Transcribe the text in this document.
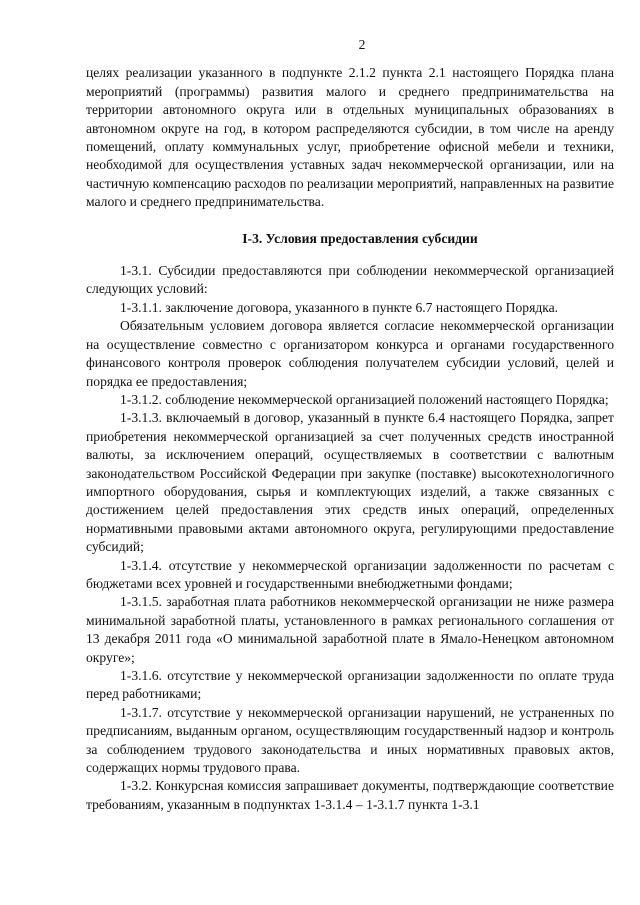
2

целях реализации указанного в подпункте 2.1.2 пункта 2.1 настоящего Порядка плана мероприятий (программы) развития малого и среднего предпринимательства на территории автономного округа или в отдельных муниципальных образованиях в автономном округе на год, в котором распределяются субсидии, в том числе на аренду помещений, оплату коммунальных услуг, приобретение офисной мебели и техники, необходимой для осуществления уставных задач некоммерческой организации, или на частичную компенсацию расходов по реализации мероприятий, направленных на развитие малого и среднего предпринимательства.

I-3. Условия предоставления субсидии

1-3.1. Субсидии предоставляются при соблюдении некоммерческой организацией следующих условий:

1-3.1.1. заключение договора, указанного в пункте 6.7 настоящего Порядка.

Обязательным условием договора является согласие некоммерческой организации на осуществление совместно с организатором конкурса и органами государственного финансового контроля проверок соблюдения получателем субсидии условий, целей и порядка ее предоставления;

1-3.1.2. соблюдение некоммерческой организацией положений настоящего Порядка;

1-3.1.3. включаемый в договор, указанный в пункте 6.4 настоящего Порядка, запрет приобретения некоммерческой организацией за счет полученных средств иностранной валюты, за исключением операций, осуществляемых в соответствии с валютным законодательством Российской Федерации при закупке (поставке) высокотехнологичного импортного оборудования, сырья и комплектующих изделий, а также связанных с достижением целей предоставления этих средств иных операций, определенных нормативными правовыми актами автономного округа, регулирующими предоставление субсидий;

1-3.1.4. отсутствие у некоммерческой организации задолженности по расчетам с бюджетами всех уровней и государственными внебюджетными фондами;

1-3.1.5. заработная плата работников некоммерческой организации не ниже размера минимальной заработной платы, установленного в рамках регионального соглашения от 13 декабря 2011 года «О минимальной заработной плате в Ямало-Ненецком автономном округе»;

1-3.1.6. отсутствие у некоммерческой организации задолженности по оплате труда перед работниками;

1-3.1.7. отсутствие у некоммерческой организации нарушений, не устраненных по предписаниям, выданным органом, осуществляющим государственный надзор и контроль за соблюдением трудового законодательства и иных нормативных правовых актов, содержащих нормы трудового права.

1-3.2. Конкурсная комиссия запрашивает документы, подтверждающие соответствие требованиям, указанным в подпунктах 1-3.1.4 – 1-3.1.7 пункта 1-3.1
